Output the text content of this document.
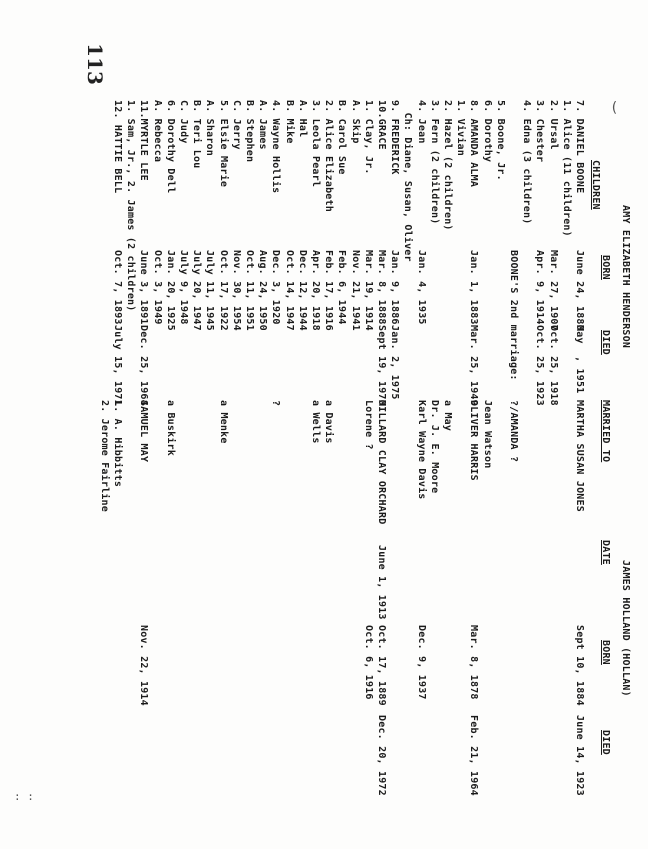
113
(
: :
AMY ELIZABETH HENDERSON
JAMES HOLLAND (HOLLAN)
CHILDREN
BORN
DIED
MARRIED TO
DATE
BORN
DIED
7. DANIEL BOONE
June 24, 1880
May  , 1951
MARTHA SUSAN JONES
Sept 10, 1884
June 14, 1923
1. Alice (11 children)
2. Ursal
Mar. 27, 1907
Oct. 25, 1918
3. Chester
Apr. 9, 1914
Oct. 25, 1923
4. Edna (3 children)
BOONE'S 2nd marriage:
?/AMANDA ?
5. Boone, Jr.
6. Dorothy
Jean Watson
8. AMANDA ALMA
Jan. 1, 1883
Mar. 25, 1949
OLIVER HARRIS
Mar. 8, 1878
Feb. 21, 1964
1. Vivian
2. Hazel (2 children)
a May
3. Fern (2 children)
Dr. J. E. Moore
4. Jean
Jan. 4, 1935
Karl Wayne Davis
Dec. 9, 1937
Ch: Diane, Susan, Oliver
9. FREDERICK
Jan. 9, 1886
Jan. 2, 1975
10.GRACE
Mar. 8, 1888
Sept 19, 1970
MILLARD CLAY ORCHARD
June 1, 1913
Oct. 17, 1889
Dec. 20, 1972
1. Clay, Jr.
Mar. 19, 1914
Lorene ?
Oct. 6, 1916
A. Skip
Nov. 21, 1941
B. Carol Sue
Feb. 6, 1944
2. Alice Elizabeth
Feb. 17, 1916
a Davis
3. Leola Pearl
Apr. 20, 1918
a Wells
A. Hal
Dec. 12, 1944
B. Mike
Oct. 14, 1947
4. Wayne Hollis
Dec. 3, 1920
?
A. James
Aug. 24, 1950
B. Stephen
Oct. 11, 1951
C. Jerry
Nov. 30, 1954
5. Elsie Marie
Oct. 17, 1922
a Menke
A. Sharon
July 11, 1945
B. Teri Lou
July 20, 1947
C. Judy
July 9, 1948
6. Dorothy Dell
Jan. 20, 1925
a Buskirk
A. Rebecca
Oct. 3, 1949
11.MYRTLE LEE
June 3, 1891
Dec. 25, 1964
SAMUEL MAY
Nov. 22, 1914
1. Sam, Jr., 2. James (2 children)
12. HATTIE BELL
Oct. 7, 1893
July 15, 1971
L. A. Hibbitts
2. Jerome Fairline
